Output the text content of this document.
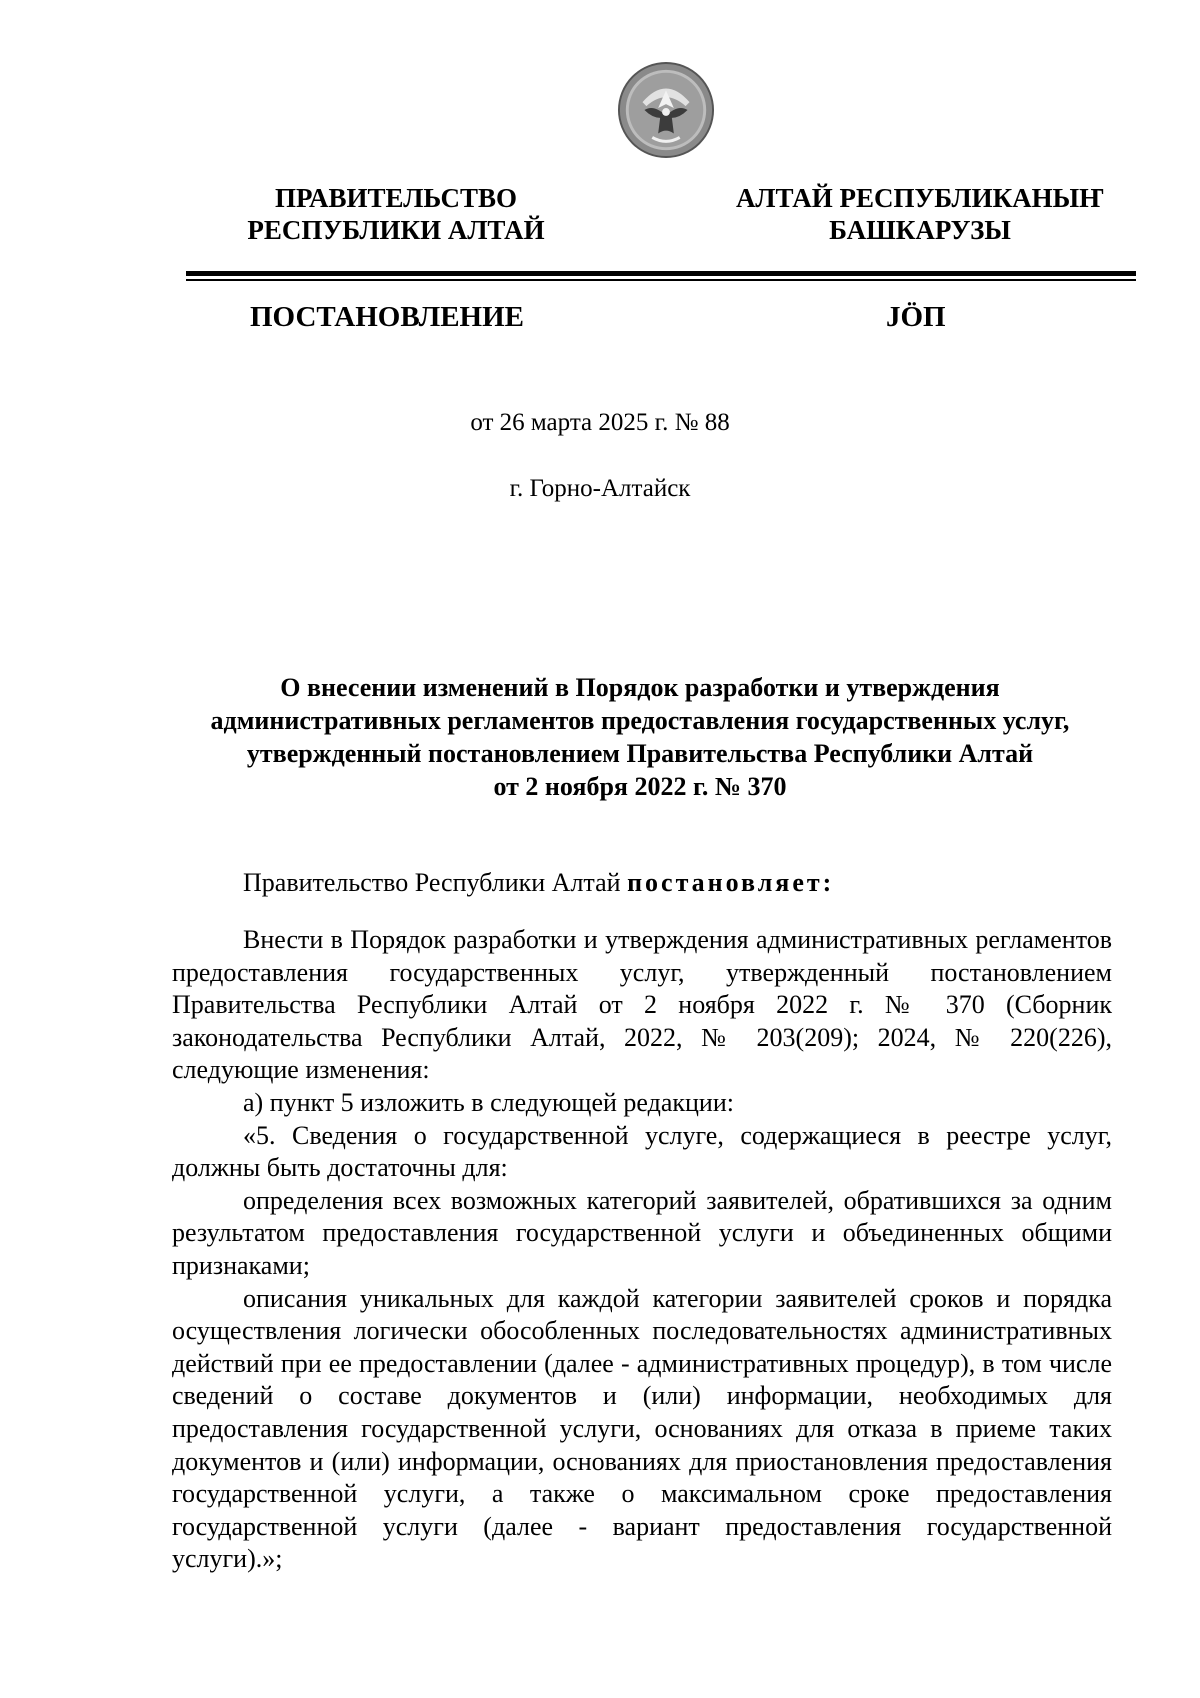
ПРАВИТЕЛЬСТВО
РЕСПУБЛИКИ АЛТАЙ
АЛТАЙ РЕСПУБЛИКАНЫҤ
БАШКАРУЗЫ
ПОСТАНОВЛЕНИЕ	JÖП
от 26 марта 2025 г. № 88
г. Горно-Алтайск
О внесении изменений в Порядок разработки и утверждения
административных регламентов предоставления государственных услуг,
утвержденный постановлением Правительства Республики Алтай
от 2 ноября 2022 г. № 370
Правительство Республики Алтай постановляет:

Внести в Порядок разработки и утверждения административных регламентов предоставления государственных услуг, утвержденный постановлением Правительства Республики Алтай от 2 ноября 2022 г. № 370 (Сборник законодательства Республики Алтай, 2022, № 203(209); 2024, № 220(226), следующие изменения:

а) пункт 5 изложить в следующей редакции:

«5. Сведения о государственной услуге, содержащиеся в реестре услуг, должны быть достаточны для:

определения всех возможных категорий заявителей, обратившихся за одним результатом предоставления государственной услуги и объединенных общими признаками;

описания уникальных для каждой категории заявителей сроков и порядка осуществления логически обособленных последовательностях административных действий при ее предоставлении (далее - административных процедур), в том числе сведений о составе документов и (или) информации, необходимых для предоставления государственной услуги, основаниях для отказа в приеме таких документов и (или) информации, основаниях для приостановления предоставления государственной услуги, а также о максимальном сроке предоставления государственной услуги (далее - вариант предоставления государственной услуги).»;
